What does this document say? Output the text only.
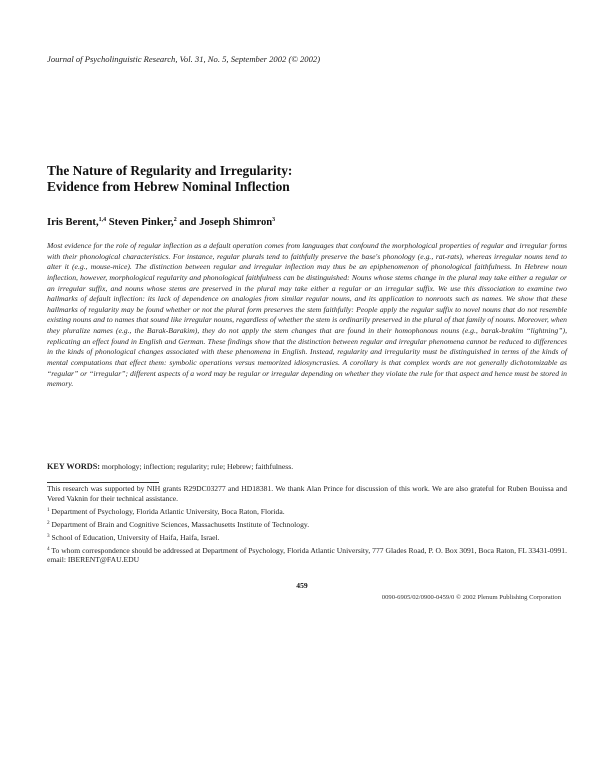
Journal of Psycholinguistic Research, Vol. 31, No. 5, September 2002 (© 2002)
The Nature of Regularity and Irregularity:
Evidence from Hebrew Nominal Inflection
Iris Berent,$^{1,4}$ Steven Pinker,$^2$ and Joseph Shimron$^3$
Most evidence for the role of regular inflection as a default operation comes from languages that confound the morphological properties of regular and irregular forms with their phonological characteristics. For instance, regular plurals tend to faithfully preserve the base's phonology (e.g., rat-rats), whereas irregular nouns tend to alter it (e.g., mouse-mice). The distinction between regular and irregular inflection may thus be an epiphenomenon of phonological faithfulness. In Hebrew noun inflection, however, morphological regularity and phonological faithfulness can be distinguished: Nouns whose stems change in the plural may take either a regular or an irregular suffix, and nouns whose stems are preserved in the plural may take either a regular or an irregular suffix. We use this dissociation to examine two hallmarks of default inflection: its lack of dependence on analogies from similar regular nouns, and its application to nonroots such as names. We show that these hallmarks of regularity may be found whether or not the plural form preserves the stem faithfully: People apply the regular suffix to novel nouns that do not resemble existing nouns and to names that sound like irregular nouns, regardless of whether the stem is ordinarily preserved in the plural of that family of nouns. Moreover, when they pluralize names (e.g., the Barak-Barakim), they do not apply the stem changes that are found in their homophonous nouns (e.g., barak-brakim “lightning”), replicating an effect found in English and German. These findings show that the distinction between regular and irregular phenomena cannot be reduced to differences in the kinds of phonological changes associated with these phenomena in English. Instead, regularity and irregularity must be distinguished in terms of the kinds of mental computations that effect them: symbolic operations versus memorized idiosyncrasies. A corollary is that complex words are not generally dichotomizable as “regular” or “irregular”; different aspects of a word may be regular or irregular depending on whether they violate the rule for that aspect and hence must be stored in memory.
KEY WORDS: morphology; inflection; regularity; rule; Hebrew; faithfulness.
This research was supported by NIH grants R29DC03277 and HD18381. We thank Alan Prince for discussion of this work. We are also grateful for Ruben Bouissa and Vered Vaknin for their technical assistance.
$^1$ Department of Psychology, Florida Atlantic University, Boca Raton, Florida.
$^2$ Department of Brain and Cognitive Sciences, Massachusetts Institute of Technology.
$^3$ School of Education, University of Haifa, Haifa, Israel.
$^4$ To whom correspondence should be addressed at Department of Psychology, Florida Atlantic University, 777 Glades Road, P. O. Box 3091, Boca Raton, FL 33431-0991. email: IBERENT@FAU.EDU
459
0090-6905/02/0900-0459/0 © 2002 Plenum Publishing Corporation
